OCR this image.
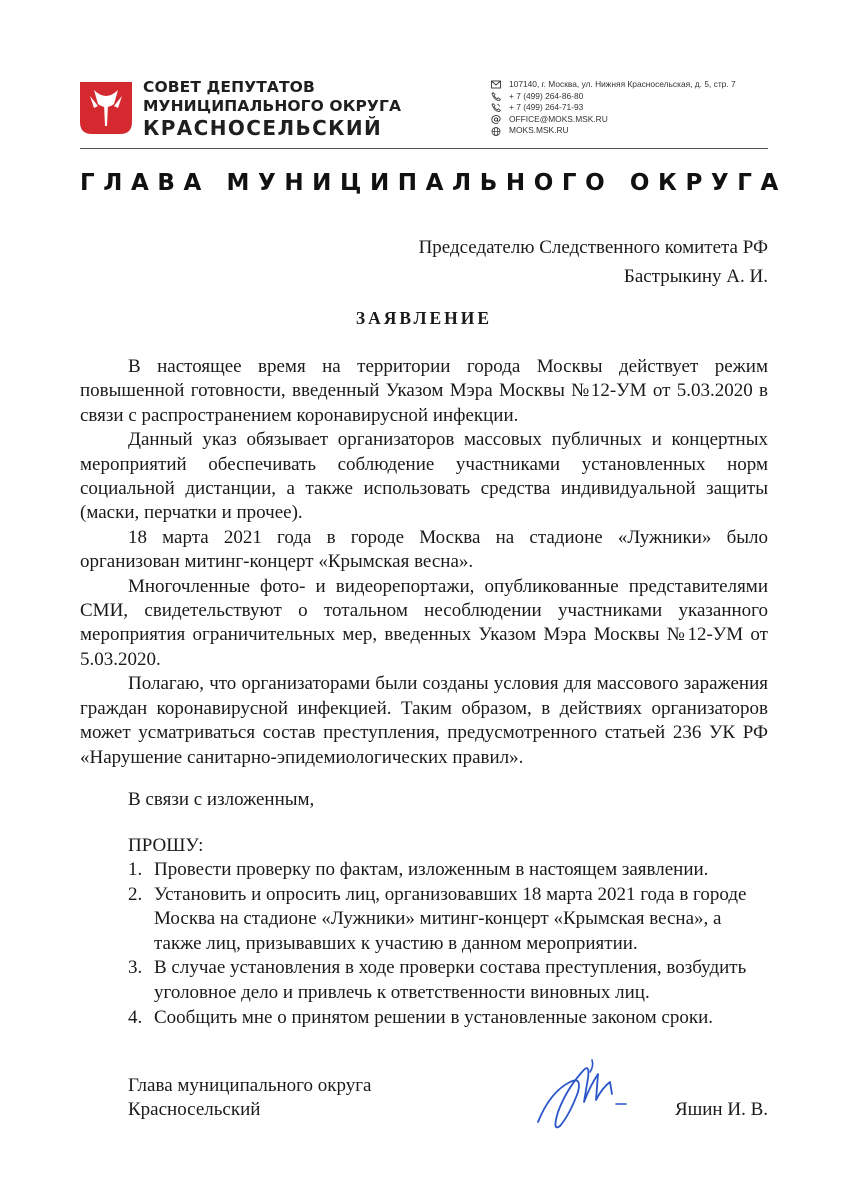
СОВЕТ ДЕПУТАТОВ
МУНИЦИПАЛЬНОГО ОКРУГА
КРАСНОСЕЛЬСКИЙ
107140, г. Москва, ул. Нижняя Красносельская, д. 5, стр. 7
+ 7 (499) 264-86-80
+ 7 (499) 264-71-93
OFFICE@MOKS.MSK.RU
MOKS.MSK.RU
ГЛАВА МУНИЦИПАЛЬНОГО ОКРУГА
Председателю Следственного комитета РФ
Бастрыкину А. И.
ЗАЯВЛЕНИЕ

В настоящее время на территории города Москвы действует режим повышенной готовности, введенный Указом Мэра Москвы №12-УМ от 5.03.2020 в связи с распространением коронавирусной инфекции.

Данный указ обязывает организаторов массовых публичных и концертных мероприятий обеспечивать соблюдение участниками установленных норм социальной дистанции, а также использовать средства индивидуальной защиты (маски, перчатки и прочее).

18 марта 2021 года в городе Москва на стадионе «Лужники» было организован митинг-концерт «Крымская весна».

Многочленные фото- и видеорепортажи, опубликованные представителями СМИ, свидетельствуют о тотальном несоблюдении участниками указанного мероприятия ограничительных мер, введенных Указом Мэра Москвы №12-УМ от 5.03.2020.

Полагаю, что организаторами были созданы условия для массового заражения граждан коронавирусной инфекцией. Таким образом, в действиях организаторов может усматриваться состав преступления, предусмотренного статьей 236 УК РФ «Нарушение санитарно-эпидемиологических правил».

В связи с изложенным,
ПРОШУ:
1. Провести проверку по фактам, изложенным в настоящем заявлении.
2. Установить и опросить лиц, организовавших 18 марта 2021 года в городе Москва на стадионе «Лужники» митинг-концерт «Крымская весна», а также лиц, призывавших к участию в данном мероприятии.
3. В случае установления в ходе проверки состава преступления, возбудить уголовное дело и привлечь к ответственности виновных лиц.
4. Сообщить мне о принятом решении в установленные законом сроки.
Глава муниципального округа
Красносельский	Яшин И. В.
